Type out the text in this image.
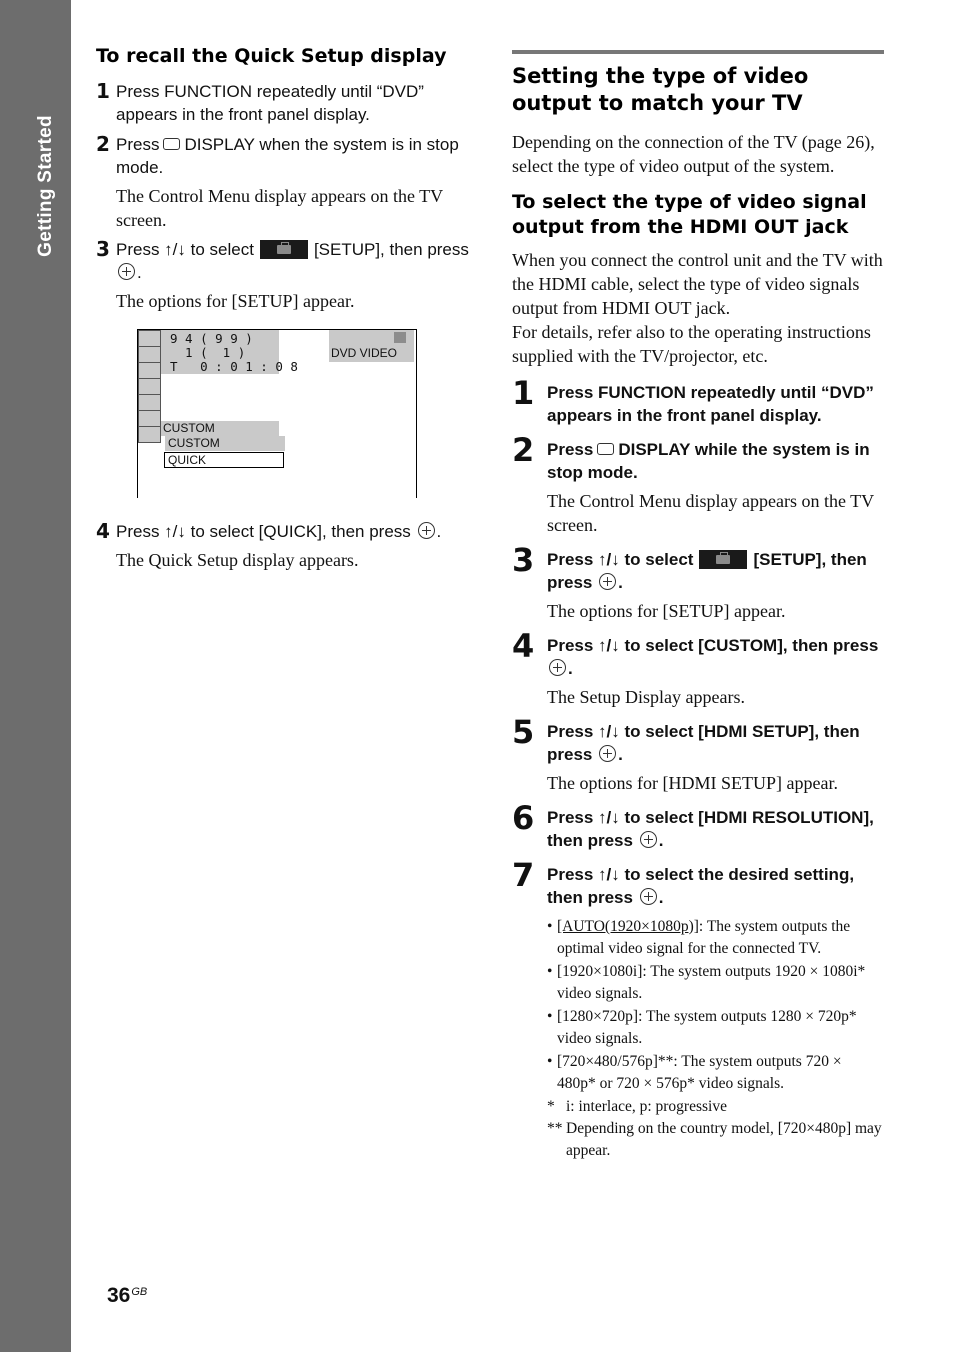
Getting Started
To recall the Quick Setup display
1 Press FUNCTION repeatedly until “DVD” appears in the front panel display.
2 Press DISPLAY when the system is in stop mode.

The Control Menu display appears on the TV screen.

3 Press ↑/↓ to select	[SETUP], then press .

The options for [SETUP] appear.

9 4 ( 9 9 )
1 (  1 )
T   0 : 0 1 : 0 8
DVD VIDEO
CUSTOM
CUSTOM
QUICK
4 Press ↑/↓ to select [QUICK], then press .

The Quick Setup display appears.

Setting the type of video output to match your TV

Depending on the connection of the TV (page 26), select the type of video output of the system.

To select the type of video signal output from the HDMI OUT jack

When you connect the control unit and the TV with the HDMI cable, select the type of video signals output from HDMI OUT jack.

For details, refer also to the operating instructions supplied with the TV/projector, etc.

1 Press FUNCTION repeatedly until “DVD” appears in the front panel display.
2 Press DISPLAY while the system is in stop mode.

The Control Menu display appears on the TV screen.

3 Press ↑/↓ to select	[SETUP], then press .

The options for [SETUP] appear.

4 Press ↑/↓ to select [CUSTOM], then press .

The Setup Display appears.

5 Press ↑/↓ to select [HDMI SETUP], then press .

The options for [HDMI SETUP] appear.

6 Press ↑/↓ to select [HDMI RESOLUTION], then press .
7 Press ↑/↓ to select the desired setting, then press .
• [AUTO(1920×1080p)]: The system outputs the optimal video signal for the connected TV.
• [1920×1080i]: The system outputs 1920 × 1080i* video signals.
• [1280×720p]: The system outputs 1280 × 720p* video signals.
• [720×480/576p]**: The system outputs 720 × 480p* or 720 × 576p* video signals.
* i: interlace, p: progressive
** Depending on the country model, [720×480p] may appear.
$36^{GB}$
